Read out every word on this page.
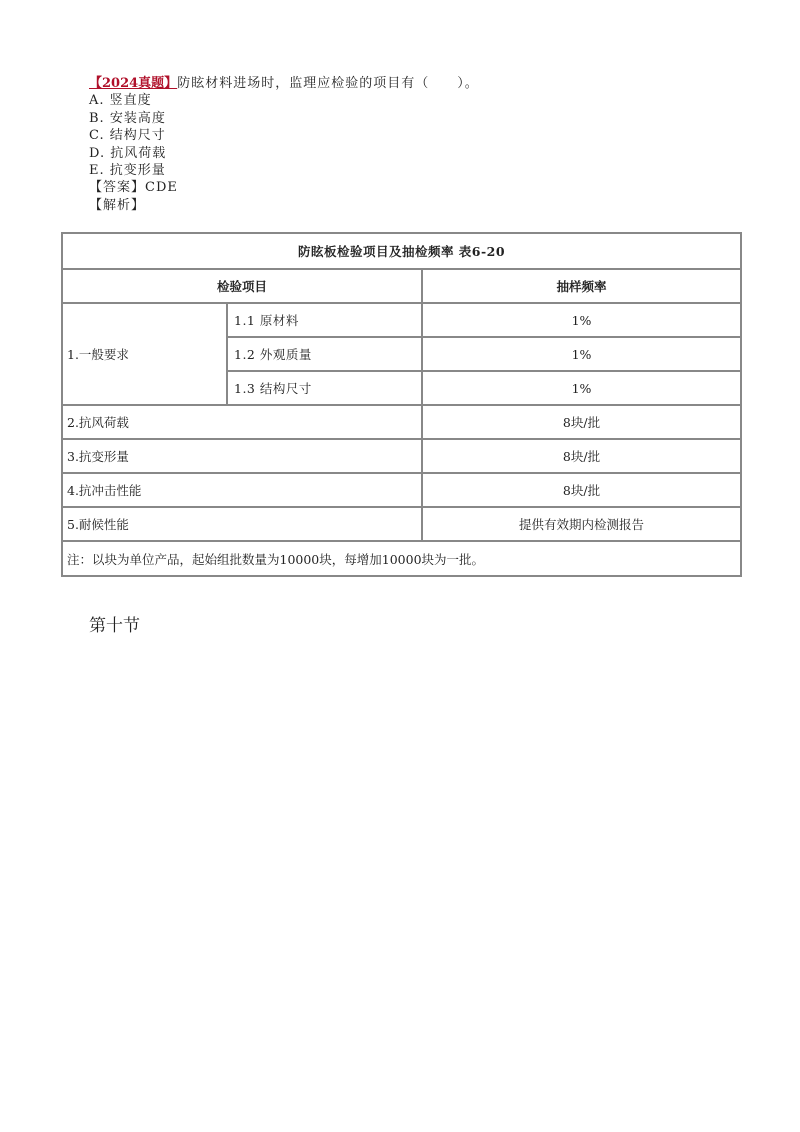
【2024真题】防眩材料进场时，监理应检验的项目有（　　）。
A. 竖直度
B. 安装高度
C. 结构尺寸
D. 抗风荷载
E. 抗变形量
【答案】CDE
【解析】
防眩板检验项目及抽检频率 表6-20		
检验项目		抽样频率
1.一般要求	1.1 原材料	1%
	1.2 外观质量	1%
	1.3 结构尺寸	1%
2.抗风荷载		8块/批
3.抗变形量		8块/批
4.抗冲击性能		8块/批
5.耐候性能		提供有效期内检测报告
注：以块为单位产品，起始组批数量为10000块，每增加10000块为一批。		
第十节
